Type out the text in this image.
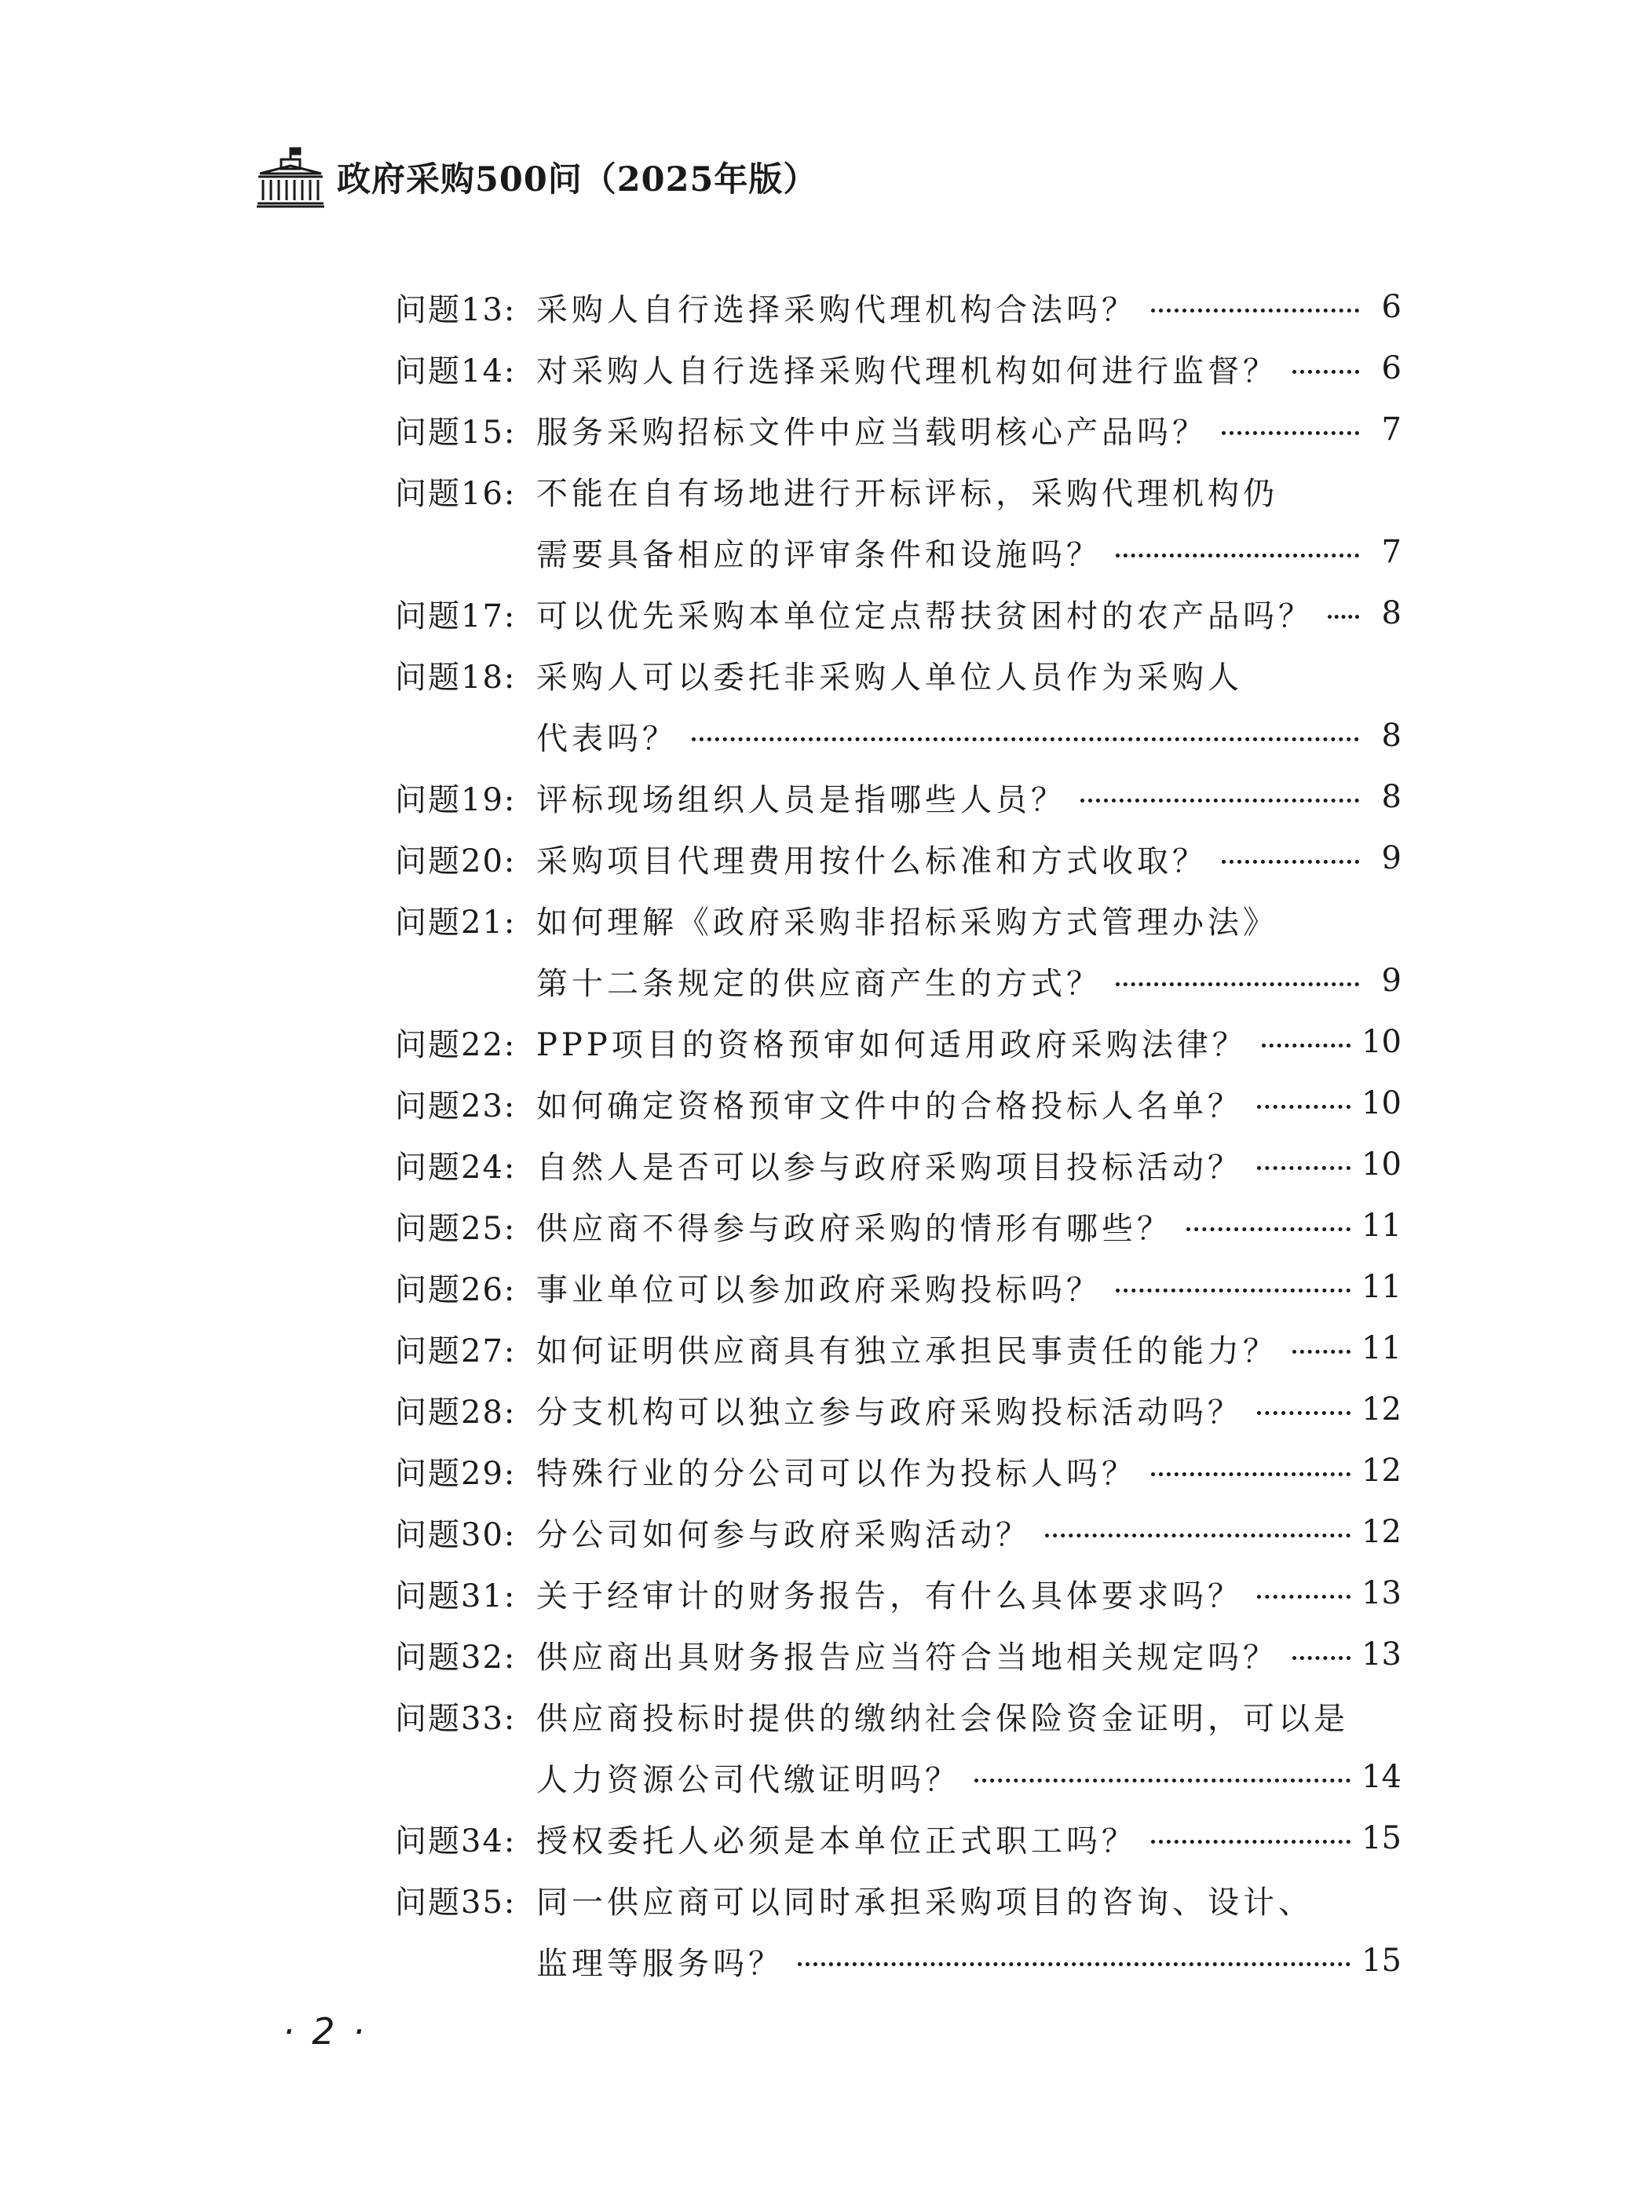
政府采购500问（2025年版）
问题13: 采购人自行选择采购代理机构合法吗？	6
问题14: 对采购人自行选择采购代理机构如何进行监督？	6
问题15: 服务采购招标文件中应当载明核心产品吗？	7
问题16: 不能在自有场地进行开标评标，采购代理机构仍
需要具备相应的评审条件和设施吗？	7
问题17: 可以优先采购本单位定点帮扶贫困村的农产品吗？	8
问题18: 采购人可以委托非采购人单位人员作为采购人
代表吗？	8
问题19: 评标现场组织人员是指哪些人员？	8
问题20: 采购项目代理费用按什么标准和方式收取？	9
问题21: 如何理解《政府采购非招标采购方式管理办法》
第十二条规定的供应商产生的方式？	9
问题22: PPP项目的资格预审如何适用政府采购法律？	10
问题23: 如何确定资格预审文件中的合格投标人名单？	10
问题24: 自然人是否可以参与政府采购项目投标活动？	10
问题25: 供应商不得参与政府采购的情形有哪些？	11
问题26: 事业单位可以参加政府采购投标吗？	11
问题27: 如何证明供应商具有独立承担民事责任的能力？	11
问题28: 分支机构可以独立参与政府采购投标活动吗？	12
问题29: 特殊行业的分公司可以作为投标人吗？	12
问题30: 分公司如何参与政府采购活动？	12
问题31: 关于经审计的财务报告，有什么具体要求吗？	13
问题32: 供应商出具财务报告应当符合当地相关规定吗？	13
问题33: 供应商投标时提供的缴纳社会保险资金证明，可以是
人力资源公司代缴证明吗？	14
问题34: 授权委托人必须是本单位正式职工吗？	15
问题35: 同一供应商可以同时承担采购项目的咨询、设计、
监理等服务吗？	15
· 2 ·
